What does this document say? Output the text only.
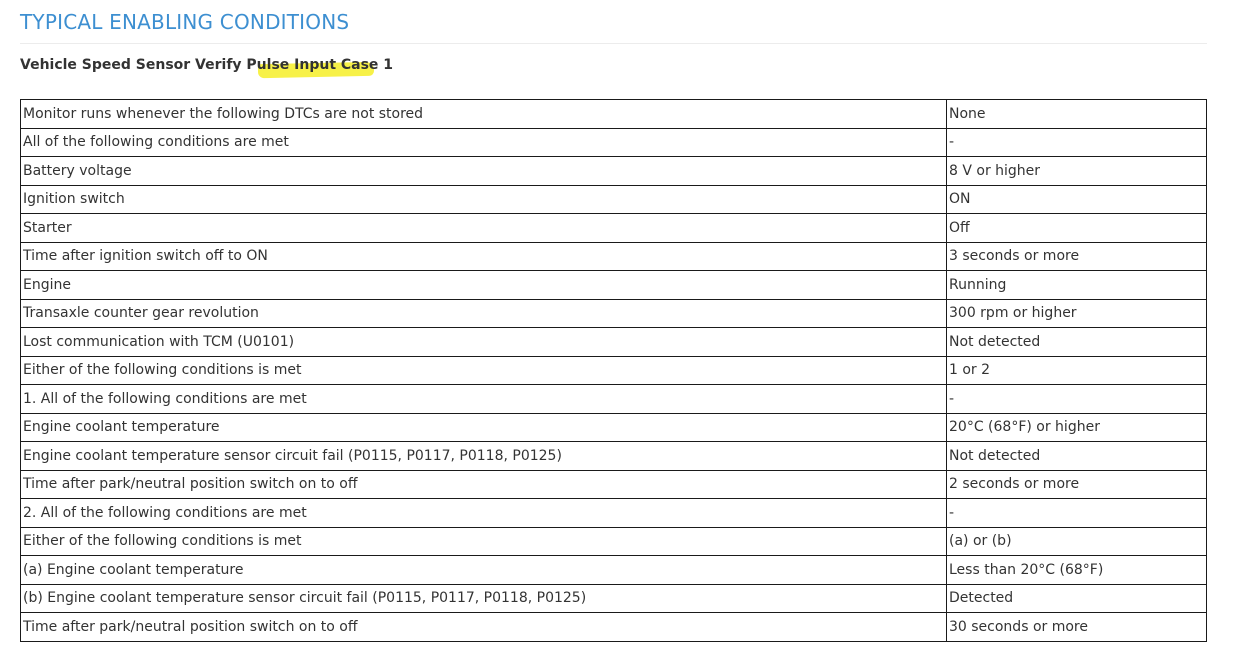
TYPICAL ENABLING CONDITIONS
Vehicle Speed Sensor Verify Pulse Input Case 1
Monitor runs whenever the following DTCs are not stored	None
All of the following conditions are met	-
Battery voltage	8 V or higher
Ignition switch	ON
Starter	Off
Time after ignition switch off to ON	3 seconds or more
Engine	Running
Transaxle counter gear revolution	300 rpm or higher
Lost communication with TCM (U0101)	Not detected
Either of the following conditions is met	1 or 2
1. All of the following conditions are met	-
Engine coolant temperature	20°C (68°F) or higher
Engine coolant temperature sensor circuit fail (P0115, P0117, P0118, P0125)	Not detected
Time after park/neutral position switch on to off	2 seconds or more
2. All of the following conditions are met	-
Either of the following conditions is met	(a) or (b)
(a) Engine coolant temperature	Less than 20°C (68°F)
(b) Engine coolant temperature sensor circuit fail (P0115, P0117, P0118, P0125)	Detected
Time after park/neutral position switch on to off	30 seconds or more
